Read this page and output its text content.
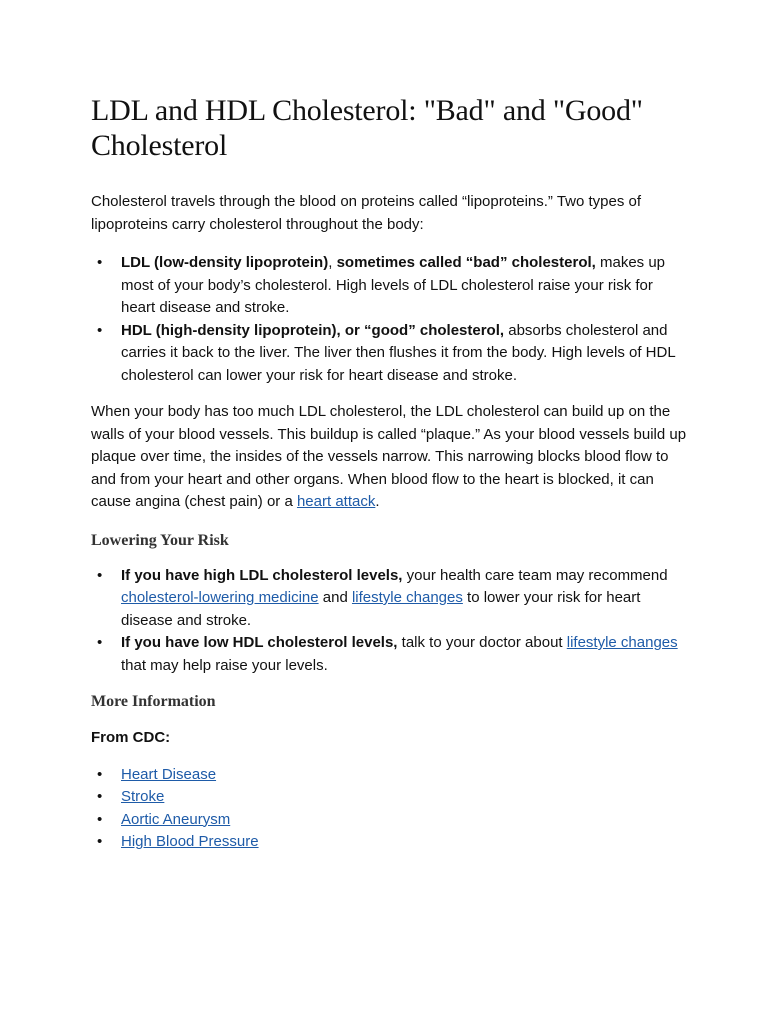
LDL and HDL Cholesterol: "Bad" and "Good" Cholesterol

Cholesterol travels through the blood on proteins called “lipoproteins.” Two types of lipoproteins carry cholesterol throughout the body:

• LDL (low-density lipoprotein), sometimes called “bad” cholesterol, makes up most of your body’s cholesterol. High levels of LDL cholesterol raise your risk for heart disease and stroke.
• HDL (high-density lipoprotein), or “good” cholesterol, absorbs cholesterol and carries it back to the liver. The liver then flushes it from the body. High levels of HDL cholesterol can lower your risk for heart disease and stroke.

When your body has too much LDL cholesterol, the LDL cholesterol can build up on the walls of your blood vessels. This buildup is called “plaque.” As your blood vessels build up plaque over time, the insides of the vessels narrow. This narrowing blocks blood flow to and from your heart and other organs. When blood flow to the heart is blocked, it can cause angina (chest pain) or a heart attack.

Lowering Your Risk
• If you have high LDL cholesterol levels, your health care team may recommend cholesterol-lowering medicine and lifestyle changes to lower your risk for heart disease and stroke.
• If you have low HDL cholesterol levels, talk to your doctor about lifestyle changes that may help raise your levels.
More Information

From CDC:

• Heart Disease
• Stroke
• Aortic Aneurysm
• High Blood Pressure
